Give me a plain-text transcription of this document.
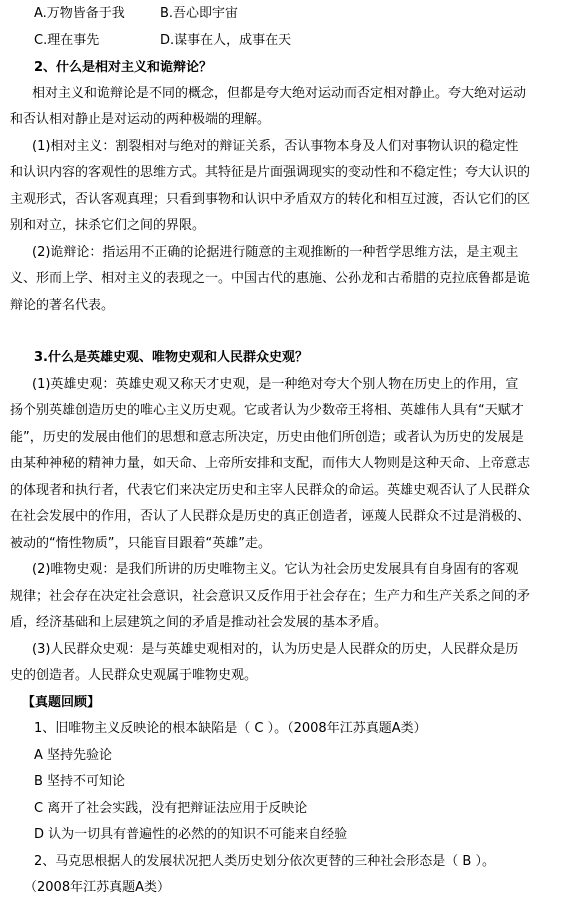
A.万物皆备于我	B.吾心即宇宙
C.理在事先	D.谋事在人，成事在天
2、什么是相对主义和诡辩论？
相对主义和诡辩论是不同的概念，但都是夸大绝对运动而否定相对静止。夸大绝对运动
和否认相对静止是对运动的两种极端的理解。
(1)相对主义：割裂相对与绝对的辩证关系，否认事物本身及人们对事物认识的稳定性
和认识内容的客观性的思维方式。其特征是片面强调现实的变动性和不稳定性；夸大认识的
主观形式，否认客观真理；只看到事物和认识中矛盾双方的转化和相互过渡，否认它们的区
别和对立，抹杀它们之间的界限。
(2)诡辩论：指运用不正确的论据进行随意的主观推断的一种哲学思维方法，是主观主
义、形而上学、相对主义的表现之一。中国古代的惠施、公孙龙和古希腊的克拉底鲁都是诡
辩论的著名代表。
3.什么是英雄史观、唯物史观和人民群众史观？
(1)英雄史观：英雄史观又称天才史观，是一种绝对夸大个别人物在历史上的作用，宣
扬个别英雄创造历史的唯心主义历史观。它或者认为少数帝王将相、英雄伟人具有“天赋才
能”，历史的发展由他们的思想和意志所决定，历史由他们所创造；或者认为历史的发展是
由某种神秘的精神力量，如天命、上帝所安排和支配，而伟大人物则是这种天命、上帝意志
的体现者和执行者，代表它们来决定历史和主宰人民群众的命运。英雄史观否认了人民群众
在社会发展中的作用，否认了人民群众是历史的真正创造者，诬蔑人民群众不过是消极的、
被动的“惰性物质”，只能盲目跟着“英雄”走。
(2)唯物史观：是我们所讲的历史唯物主义。它认为社会历史发展具有自身固有的客观
规律；社会存在决定社会意识，社会意识又反作用于社会存在；生产力和生产关系之间的矛
盾，经济基础和上层建筑之间的矛盾是推动社会发展的基本矛盾。
(3)人民群众史观：是与英雄史观相对的，认为历史是人民群众的历史，人民群众是历
史的创造者。人民群众史观属于唯物史观。
【真题回顾】
1、旧唯物主义反映论的根本缺陷是（ C ）。（2008年江苏真题A类）
A 坚持先验论
B 坚持不可知论
C 离开了社会实践，没有把辩证法应用于反映论
D 认为一切具有普遍性的必然的的知识不可能来自经验
2、马克思根据人的发展状况把人类历史划分依次更替的三种社会形态是（ B ）。
（2008年江苏真题A类）
